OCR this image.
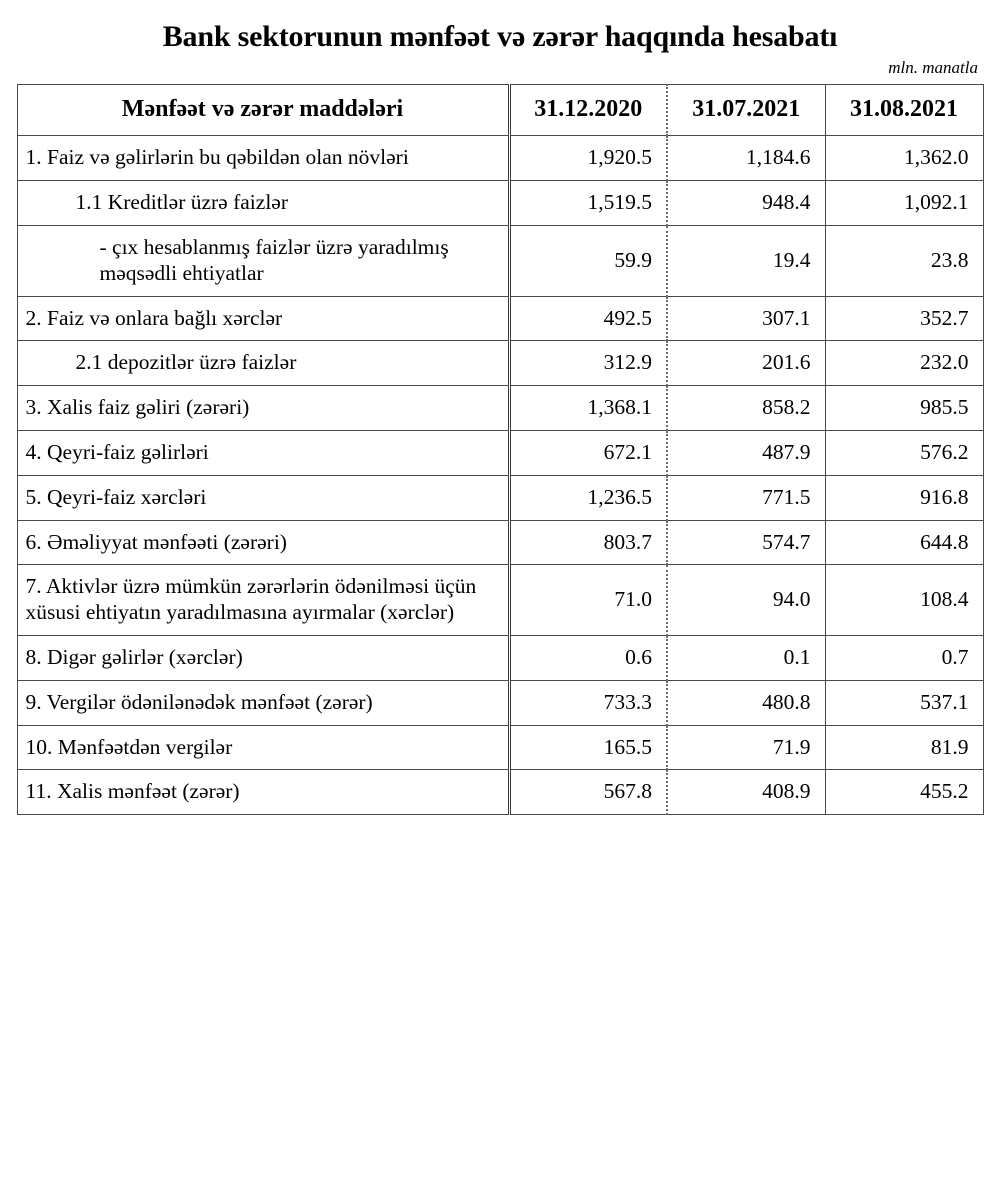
Bank sektorunun mənfəət və zərər haqqında hesabatı
mln. manatla
Mənfəət və zərər maddələri	31.12.2020	31.07.2021	31.08.2021
1. Faiz və gəlirlərin bu qəbildən olan növləri	1,920.5	1,184.6	1,362.0
1.1 Kreditlər üzrə faizlər	1,519.5	948.4	1,092.1
- çıx hesablanmış faizlər üzrə yaradılmış məqsədli ehtiyatlar	59.9	19.4	23.8
2. Faiz və onlara bağlı xərclər	492.5	307.1	352.7
2.1 depozitlər üzrə faizlər	312.9	201.6	232.0
3. Xalis faiz gəliri (zərəri)	1,368.1	858.2	985.5
4. Qeyri-faiz gəlirləri	672.1	487.9	576.2
5. Qeyri-faiz xərcləri	1,236.5	771.5	916.8
6. Əməliyyat mənfəəti (zərəri)	803.7	574.7	644.8
7. Aktivlər üzrə mümkün zərərlərin ödənilməsi üçün xüsusi ehtiyatın yaradılmasına ayırmalar (xərclər)	71.0	94.0	108.4
8. Digər gəlirlər (xərclər)	0.6	0.1	0.7
9. Vergilər ödənilənədək mənfəət (zərər)	733.3	480.8	537.1
10. Mənfəətdən vergilər	165.5	71.9	81.9
11. Xalis mənfəət (zərər)	567.8	408.9	455.2
